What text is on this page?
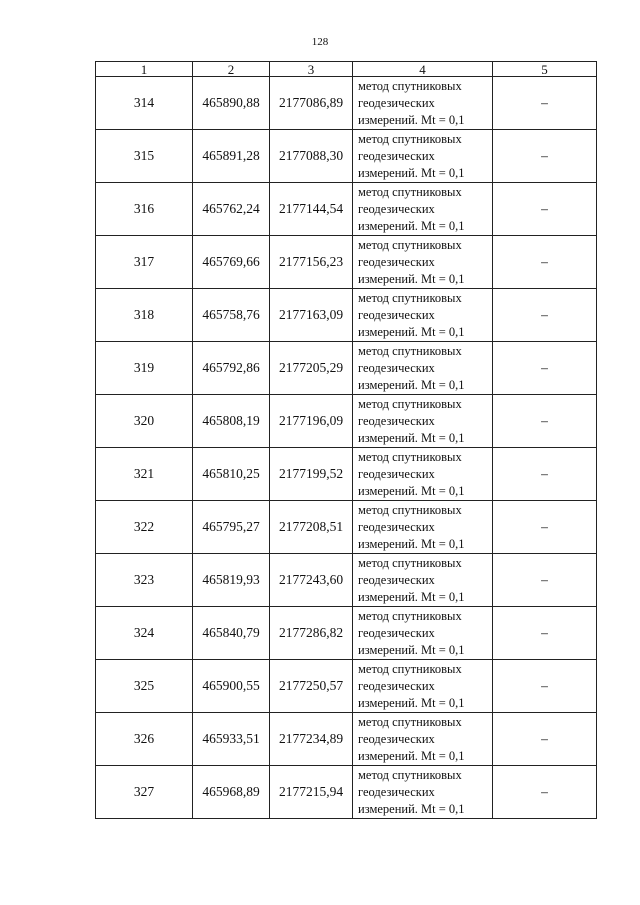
128
1	2	3	4	5
314	465890,88	2177086,89	метод спутниковых
геодезических
измерений. Mt = 0,1	–
315	465891,28	2177088,30	метод спутниковых
геодезических
измерений. Mt = 0,1	–
316	465762,24	2177144,54	метод спутниковых
геодезических
измерений. Mt = 0,1	–
317	465769,66	2177156,23	метод спутниковых
геодезических
измерений. Mt = 0,1	–
318	465758,76	2177163,09	метод спутниковых
геодезических
измерений. Mt = 0,1	–
319	465792,86	2177205,29	метод спутниковых
геодезических
измерений. Mt = 0,1	–
320	465808,19	2177196,09	метод спутниковых
геодезических
измерений. Mt = 0,1	–
321	465810,25	2177199,52	метод спутниковых
геодезических
измерений. Mt = 0,1	–
322	465795,27	2177208,51	метод спутниковых
геодезических
измерений. Mt = 0,1	–
323	465819,93	2177243,60	метод спутниковых
геодезических
измерений. Mt = 0,1	–
324	465840,79	2177286,82	метод спутниковых
геодезических
измерений. Mt = 0,1	–
325	465900,55	2177250,57	метод спутниковых
геодезических
измерений. Mt = 0,1	–
326	465933,51	2177234,89	метод спутниковых
геодезических
измерений. Mt = 0,1	–
327	465968,89	2177215,94	метод спутниковых
геодезических
измерений. Mt = 0,1	–
